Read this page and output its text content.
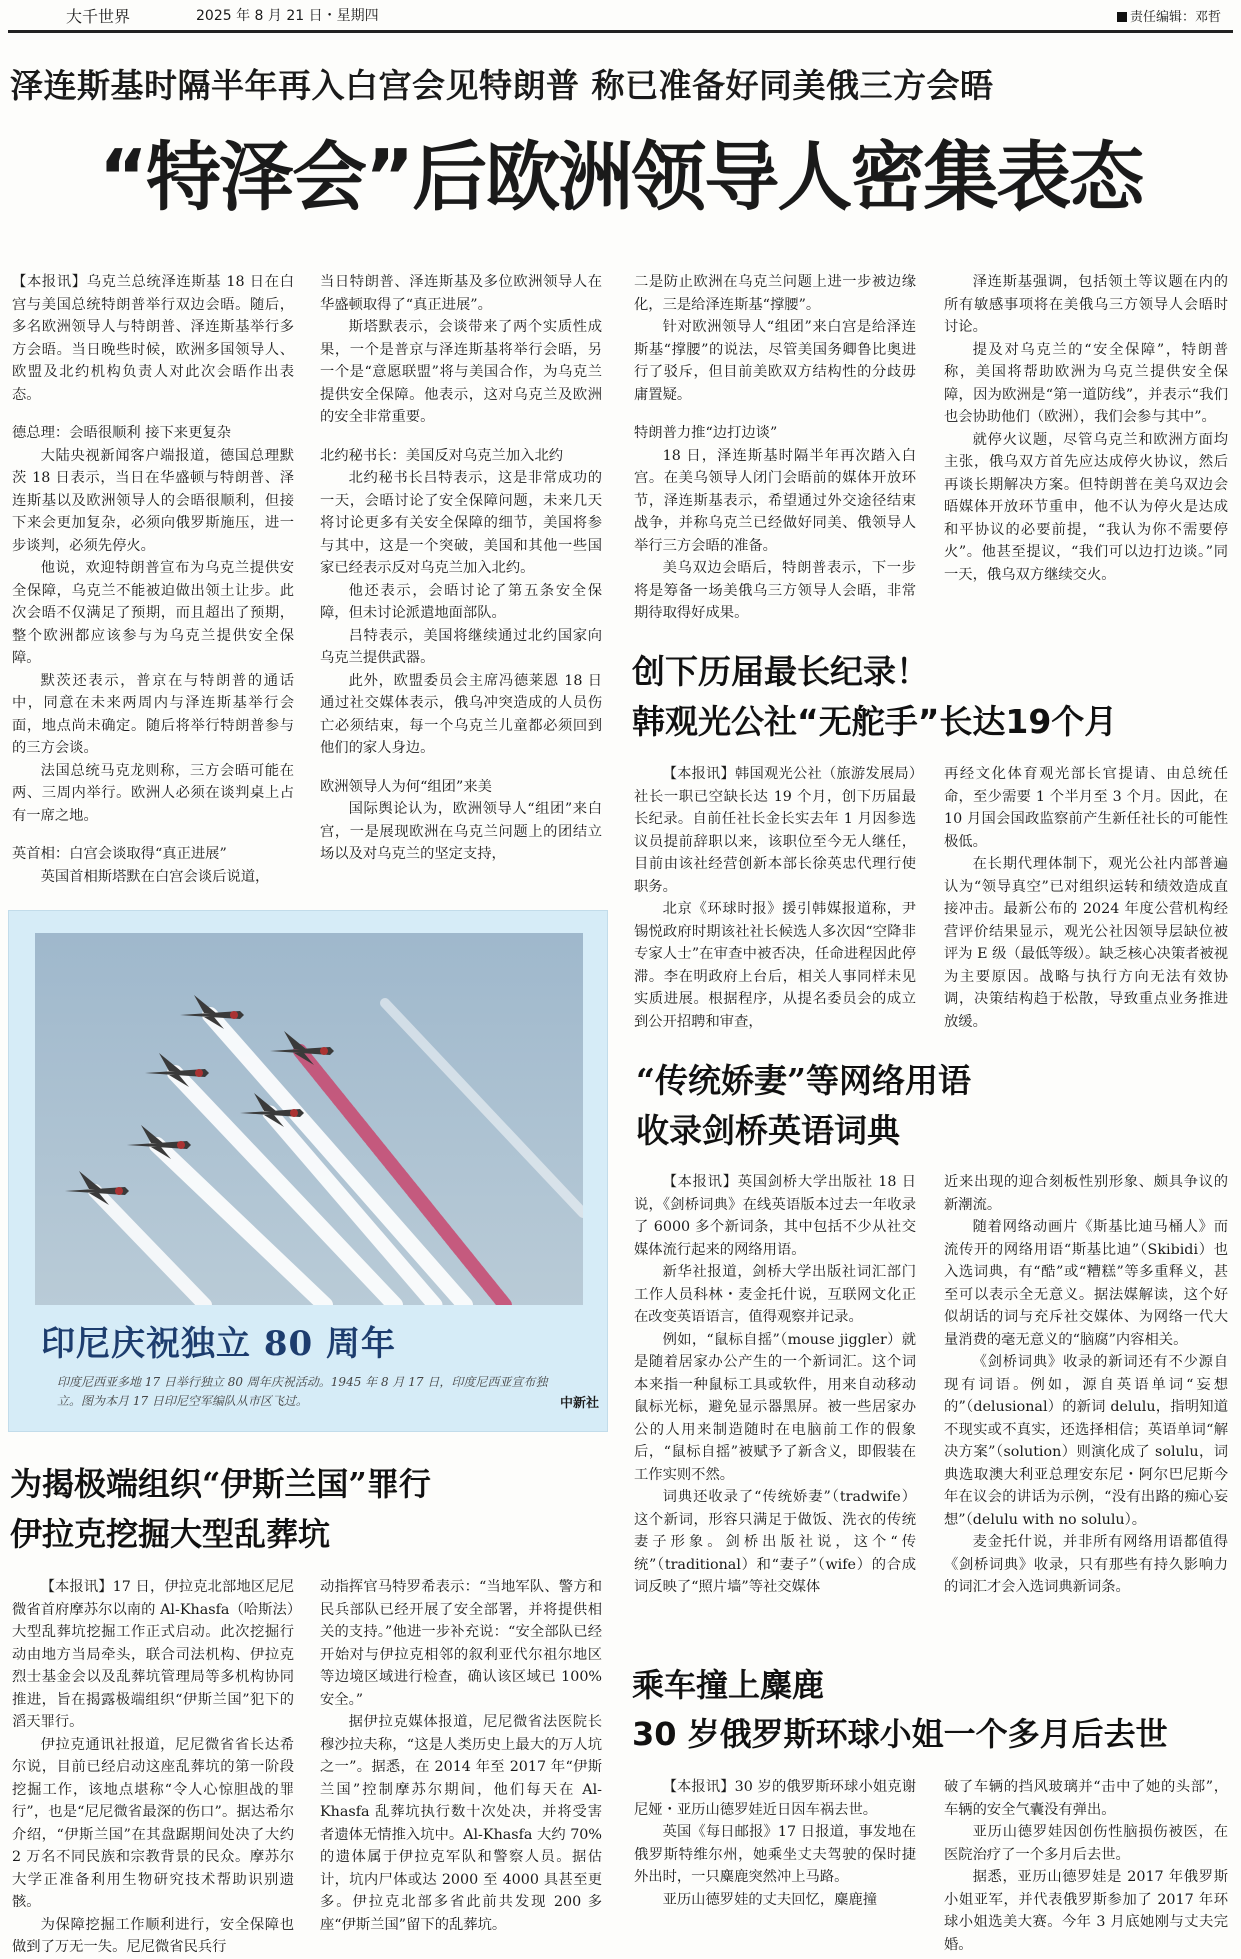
大千世界	2025 年 8 月 21 日・星期四	责任编辑：邓哲
泽连斯基时隔半年再入白宫会见特朗普 称已准备好同美俄三方会晤
“特泽会”后欧洲领导人密集表态

【本报讯】乌克兰总统泽连斯基 18 日在白宫与美国总统特朗普举行双边会晤。随后，多名欧洲领导人与特朗普、泽连斯基举行多方会晤。当日晚些时候，欧洲多国领导人、欧盟及北约机构负责人对此次会晤作出表态。

德总理：会晤很顺利 接下来更复杂

大陆央视新闻客户端报道，德国总理默茨 18 日表示，当日在华盛顿与特朗普、泽连斯基以及欧洲领导人的会晤很顺利，但接下来会更加复杂，必须向俄罗斯施压，进一步谈判，必须先停火。

他说，欢迎特朗普宣布为乌克兰提供安全保障，乌克兰不能被迫做出领土让步。此次会晤不仅满足了预期，而且超出了预期，整个欧洲都应该参与为乌克兰提供安全保障。

默茨还表示，普京在与特朗普的通话中，同意在未来两周内与泽连斯基举行会面，地点尚未确定。随后将举行特朗普参与的三方会谈。

法国总统马克龙则称，三方会晤可能在两、三周内举行。欧洲人必须在谈判桌上占有一席之地。

英首相：白宫会谈取得“真正进展”

英国首相斯塔默在白宫会谈后说道，

当日特朗普、泽连斯基及多位欧洲领导人在华盛顿取得了“真正进展”。

斯塔默表示，会谈带来了两个实质性成果，一个是普京与泽连斯基将举行会晤，另一个是“意愿联盟”将与美国合作，为乌克兰提供安全保障。他表示，这对乌克兰及欧洲的安全非常重要。

北约秘书长：美国反对乌克兰加入北约

北约秘书长吕特表示，这是非常成功的一天，会晤讨论了安全保障问题，未来几天将讨论更多有关安全保障的细节，美国将参与其中，这是一个突破，美国和其他一些国家已经表示反对乌克兰加入北约。

他还表示，会晤讨论了第五条安全保障，但未讨论派遣地面部队。

吕特表示，美国将继续通过北约国家向乌克兰提供武器。

此外，欧盟委员会主席冯德莱恩 18 日通过社交媒体表示，俄乌冲突造成的人员伤亡必须结束，每一个乌克兰儿童都必须回到他们的家人身边。

欧洲领导人为何“组团”来美

国际舆论认为，欧洲领导人“组团”来白宫，一是展现欧洲在乌克兰问题上的团结立场以及对乌克兰的坚定支持，

二是防止欧洲在乌克兰问题上进一步被边缘化，三是给泽连斯基“撑腰”。

针对欧洲领导人“组团”来白宫是给泽连斯基“撑腰”的说法，尽管美国务卿鲁比奥进行了驳斥，但目前美欧双方结构性的分歧毋庸置疑。

特朗普力推“边打边谈”

18 日，泽连斯基时隔半年再次踏入白宫。在美乌领导人闭门会晤前的媒体开放环节，泽连斯基表示，希望通过外交途径结束战争，并称乌克兰已经做好同美、俄领导人举行三方会晤的准备。

美乌双边会晤后，特朗普表示，下一步将是筹备一场美俄乌三方领导人会晤，非常期待取得好成果。

泽连斯基强调，包括领土等议题在内的所有敏感事项将在美俄乌三方领导人会晤时讨论。

提及对乌克兰的“安全保障”，特朗普称，美国将帮助欧洲为乌克兰提供安全保障，因为欧洲是“第一道防线”，并表示“我们也会协助他们（欧洲），我们会参与其中”。

就停火议题，尽管乌克兰和欧洲方面均主张，俄乌双方首先应达成停火协议，然后再谈长期解决方案。但特朗普在美乌双边会晤媒体开放环节重申，他不认为停火是达成和平协议的必要前提，“我认为你不需要停火”。他甚至提议，“我们可以边打边谈。”同一天，俄乌双方继续交火。

创下历届最长纪录！
韩观光公社“无舵手”长达19个月

【本报讯】韩国观光公社（旅游发展局）社长一职已空缺长达 19 个月，创下历届最长纪录。自前任社长金长实去年 1 月因参选议员提前辞职以来，该职位至今无人继任，目前由该社经营创新本部长徐英忠代理行使职务。

北京《环球时报》援引韩媒报道称，尹锡悦政府时期该社社长候选人多次因“空降非专家人士”在审查中被否决，任命进程因此停滞。李在明政府上台后，相关人事同样未见实质进展。根据程序，从提名委员会的成立到公开招聘和审查，

再经文化体育观光部长官提请、由总统任命，至少需要 1 个半月至 3 个月。因此，在 10 月国会国政监察前产生新任社长的可能性极低。

在长期代理体制下，观光公社内部普遍认为“领导真空”已对组织运转和绩效造成直接冲击。最新公布的 2024 年度公营机构经营评价结果显示，观光公社因领导层缺位被评为 E 级（最低等级）。缺乏核心决策者被视为主要原因。战略与执行方向无法有效协调，决策结构趋于松散，导致重点业务推进放缓。

印尼庆祝独立 80 周年
印度尼西亚多地 17 日举行独立 80 周年庆祝活动。1945 年 8 月 17 日，印度尼西亚宣布独立。图为本月 17 日印尼空军编队从市区飞过。	中新社
“传统娇妻”等网络用语
收录剑桥英语词典

【本报讯】英国剑桥大学出版社 18 日说，《剑桥词典》在线英语版本过去一年收录了 6000 多个新词条，其中包括不少从社交媒体流行起来的网络用语。

新华社报道，剑桥大学出版社词汇部门工作人员科林・麦金托什说，互联网文化正在改变英语语言，值得观察并记录。

例如，“鼠标自摇”（mouse jiggler）就是随着居家办公产生的一个新词汇。这个词本来指一种鼠标工具或软件，用来自动移动鼠标光标，避免显示器黑屏。被一些居家办公的人用来制造随时在电脑前工作的假象后，“鼠标自摇”被赋予了新含义，即假装在工作实则不然。

词典还收录了“传统娇妻”（tradwife）这个新词，形容只满足于做饭、洗衣的传统妻子形象。剑桥出版社说，这个“传统”（traditional）和“妻子”（wife）的合成词反映了“照片墙”等社交媒体

近来出现的迎合刻板性别形象、颇具争议的新潮流。

随着网络动画片《斯基比迪马桶人》而流传开的网络用语“斯基比迪”（Skibidi）也入选词典，有“酷”或“糟糕”等多重释义，甚至可以表示全无意义。据法媒解读，这个好似胡话的词与充斥社交媒体、为网络一代大量消费的毫无意义的“脑腐”内容相关。

《剑桥词典》收录的新词还有不少源自现有词语。例如，源自英语单词“妄想的”（delusional）的新词 delulu，指明知道不现实或不真实，还选择相信；英语单词“解决方案”（solution）则演化成了 solulu，词典选取澳大利亚总理安东尼・阿尔巴尼斯今年在议会的讲话为示例，“没有出路的痴心妄想”（delulu with no solulu）。

麦金托什说，并非所有网络用语都值得《剑桥词典》收录，只有那些有持久影响力的词汇才会入选词典新词条。

为揭极端组织“伊斯兰国”罪行
伊拉克挖掘大型乱葬坑

【本报讯】17 日，伊拉克北部地区尼尼微省首府摩苏尔以南的 Al-Khasfa（哈斯法）大型乱葬坑挖掘工作正式启动。此次挖掘行动由地方当局牵头，联合司法机构、伊拉克烈士基金会以及乱葬坑管理局等多机构协同推进，旨在揭露极端组织“伊斯兰国”犯下的滔天罪行。

伊拉克通讯社报道，尼尼微省省长达希尔说，目前已经启动这座乱葬坑的第一阶段挖掘工作，该地点堪称“令人心惊胆战的罪行”，也是“尼尼微省最深的伤口”。据达希尔介绍，“伊斯兰国”在其盘踞期间处决了大约 2 万名不同民族和宗教背景的民众。摩苏尔大学正准备利用生物研究技术帮助识别遗骸。

为保障挖掘工作顺利进行，安全保障也做到了万无一失。尼尼微省民兵行

动指挥官马特罗希表示：“当地军队、警方和民兵部队已经开展了安全部署，并将提供相关的支持。”他进一步补充说：“安全部队已经开始对与伊拉克相邻的叙利亚代尔祖尔地区等边境区域进行检查，确认该区域已 100% 安全。”

据伊拉克媒体报道，尼尼微省法医院长穆沙拉夫称，“这是人类历史上最大的万人坑之一”。据悉，在 2014 年至 2017 年“伊斯兰国”控制摩苏尔期间，他们每天在 Al-Khasfa 乱葬坑执行数十次处决，并将受害者遗体无情推入坑中。Al-Khasfa 大约 70% 的遗体属于伊拉克军队和警察人员。据估计，坑内尸体或达 2000 至 4000 具甚至更多。伊拉克北部多省此前共发现 200 多座“伊斯兰国”留下的乱葬坑。

乘车撞上麋鹿
30 岁俄罗斯环球小姐一个多月后去世

【本报讯】30 岁的俄罗斯环球小姐克谢尼娅・亚历山德罗娃近日因车祸去世。

英国《每日邮报》17 日报道，事发地在俄罗斯特维尔州，她乘坐丈夫驾驶的保时捷外出时，一只麋鹿突然冲上马路。

亚历山德罗娃的丈夫回忆，麋鹿撞

破了车辆的挡风玻璃并“击中了她的头部”，车辆的安全气囊没有弹出。

亚历山德罗娃因创伤性脑损伤被医，在医院治疗了一个多月后去世。

据悉，亚历山德罗娃是 2017 年俄罗斯小姐亚军，并代表俄罗斯参加了 2017 年环球小姐选美大赛。今年 3 月底她刚与丈夫完婚。
